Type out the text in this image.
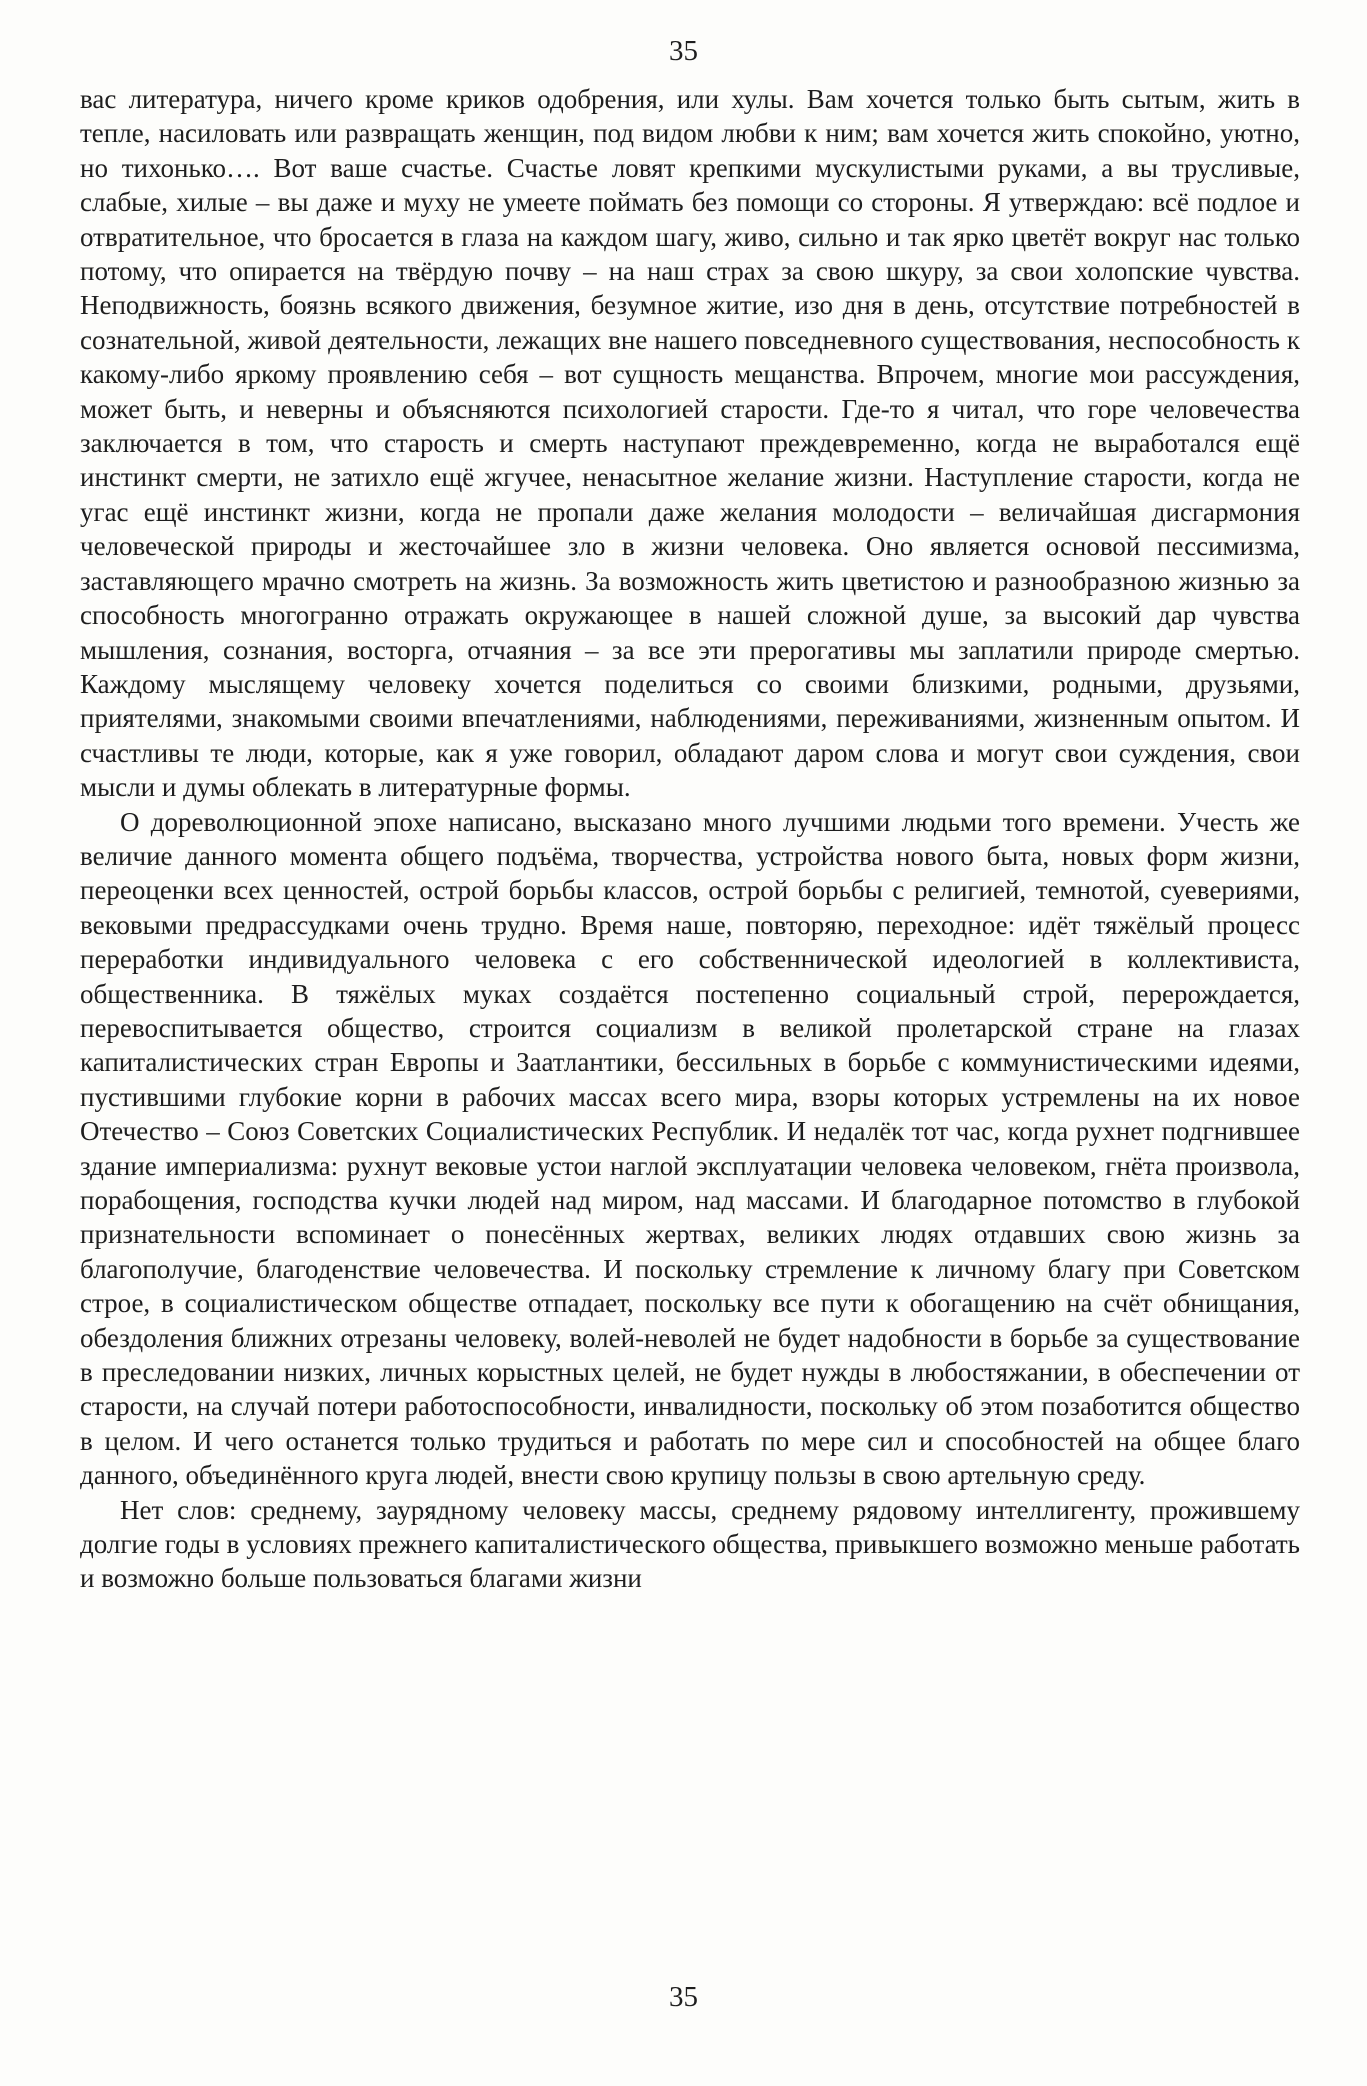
35

вас литература, ничего кроме криков одобрения, или хулы. Вам хочется только быть сытым, жить в тепле, насиловать или развращать женщин, под видом любви к ним; вам хочется жить спокойно, уютно, но тихонько…. Вот ваше счастье. Счастье ловят крепкими мускулистыми руками, а вы трусливые, слабые, хилые – вы даже и муху не умеете поймать без помощи со стороны. Я утверждаю: всё подлое и отвратительное, что бросается в глаза на каждом шагу, живо, сильно и так ярко цветёт вокруг нас только потому, что опирается на твёрдую почву – на наш страх за свою шкуру, за свои холопские чувства. Неподвижность, боязнь всякого движения, безумное житие, изо дня в день, отсутствие потребностей в сознательной, живой деятельности, лежащих вне нашего повседневного существования, неспособность к какому-либо яркому проявлению себя – вот сущность мещанства. Впрочем, многие мои рассуждения, может быть, и неверны и объясняются психологией старости. Где-то я читал, что горе человечества заключается в том, что старость и смерть наступают преждевременно, когда не выработался ещё инстинкт смерти, не затихло ещё жгучее, ненасытное желание жизни. Наступление старости, когда не угас ещё инстинкт жизни, когда не пропали даже желания молодости – величайшая дисгармония человеческой природы и жесточайшее зло в жизни человека. Оно является основой пессимизма, заставляющего мрачно смотреть на жизнь. За возможность жить цветистою и разнообразною жизнью за способность многогранно отражать окружающее в нашей сложной душе, за высокий дар чувства мышления, сознания, восторга, отчаяния – за все эти прерогативы мы заплатили природе смертью. Каждому мыслящему человеку хочется поделиться со своими близкими, родными, друзьями, приятелями, знакомыми своими впечатлениями, наблюдениями, переживаниями, жизненным опытом. И счастливы те люди, которые, как я уже говорил, обладают даром слова и могут свои суждения, свои мысли и думы облекать в литературные формы.

О дореволюционной эпохе написано, высказано много лучшими людьми того времени. Учесть же величие данного момента общего подъёма, творчества, устройства нового быта, новых форм жизни, переоценки всех ценностей, острой борьбы классов, острой борьбы с религией, темнотой, суевериями, вековыми предрассудками очень трудно. Время наше, повторяю, переходное: идёт тяжёлый процесс переработки индивидуального человека с его собственнической идеологией в коллективиста, общественника. В тяжёлых муках создаётся постепенно социальный строй, перерождается, перевоспитывается общество, строится социализм в великой пролетарской стране на глазах капиталистических стран Европы и Заатлантики, бессильных в борьбе с коммунистическими идеями, пустившими глубокие корни в рабочих массах всего мира, взоры которых устремлены на их новое Отечество – Союз Советских Социалистических Республик. И недалёк тот час, когда рухнет подгнившее здание империализма: рухнут вековые устои наглой эксплуатации человека человеком, гнёта произвола, порабощения, господства кучки людей над миром, над массами. И благодарное потомство в глубокой признательности вспоминает о понесённых жертвах, великих людях отдавших свою жизнь за благополучие, благоденствие человечества. И поскольку стремление к личному благу при Советском строе, в социалистическом обществе отпадает, поскольку все пути к обогащению на счёт обнищания, обездоления ближних отрезаны человеку, волей-неволей не будет надобности в борьбе за существование в преследовании низких, личных корыстных целей, не будет нужды в любостяжании, в обеспечении от старости, на случай потери работоспособности, инвалидности, поскольку об этом позаботится общество в целом. И чего останется только трудиться и работать по мере сил и способностей на общее благо данного, объединённого круга людей, внести свою крупицу пользы в свою артельную среду.

Нет слов: среднему, заурядному человеку массы, среднему рядовому интеллигенту, прожившему долгие годы в условиях прежнего капиталистического общества, привыкшего возможно меньше работать и возможно больше пользоваться благами жизни

35
